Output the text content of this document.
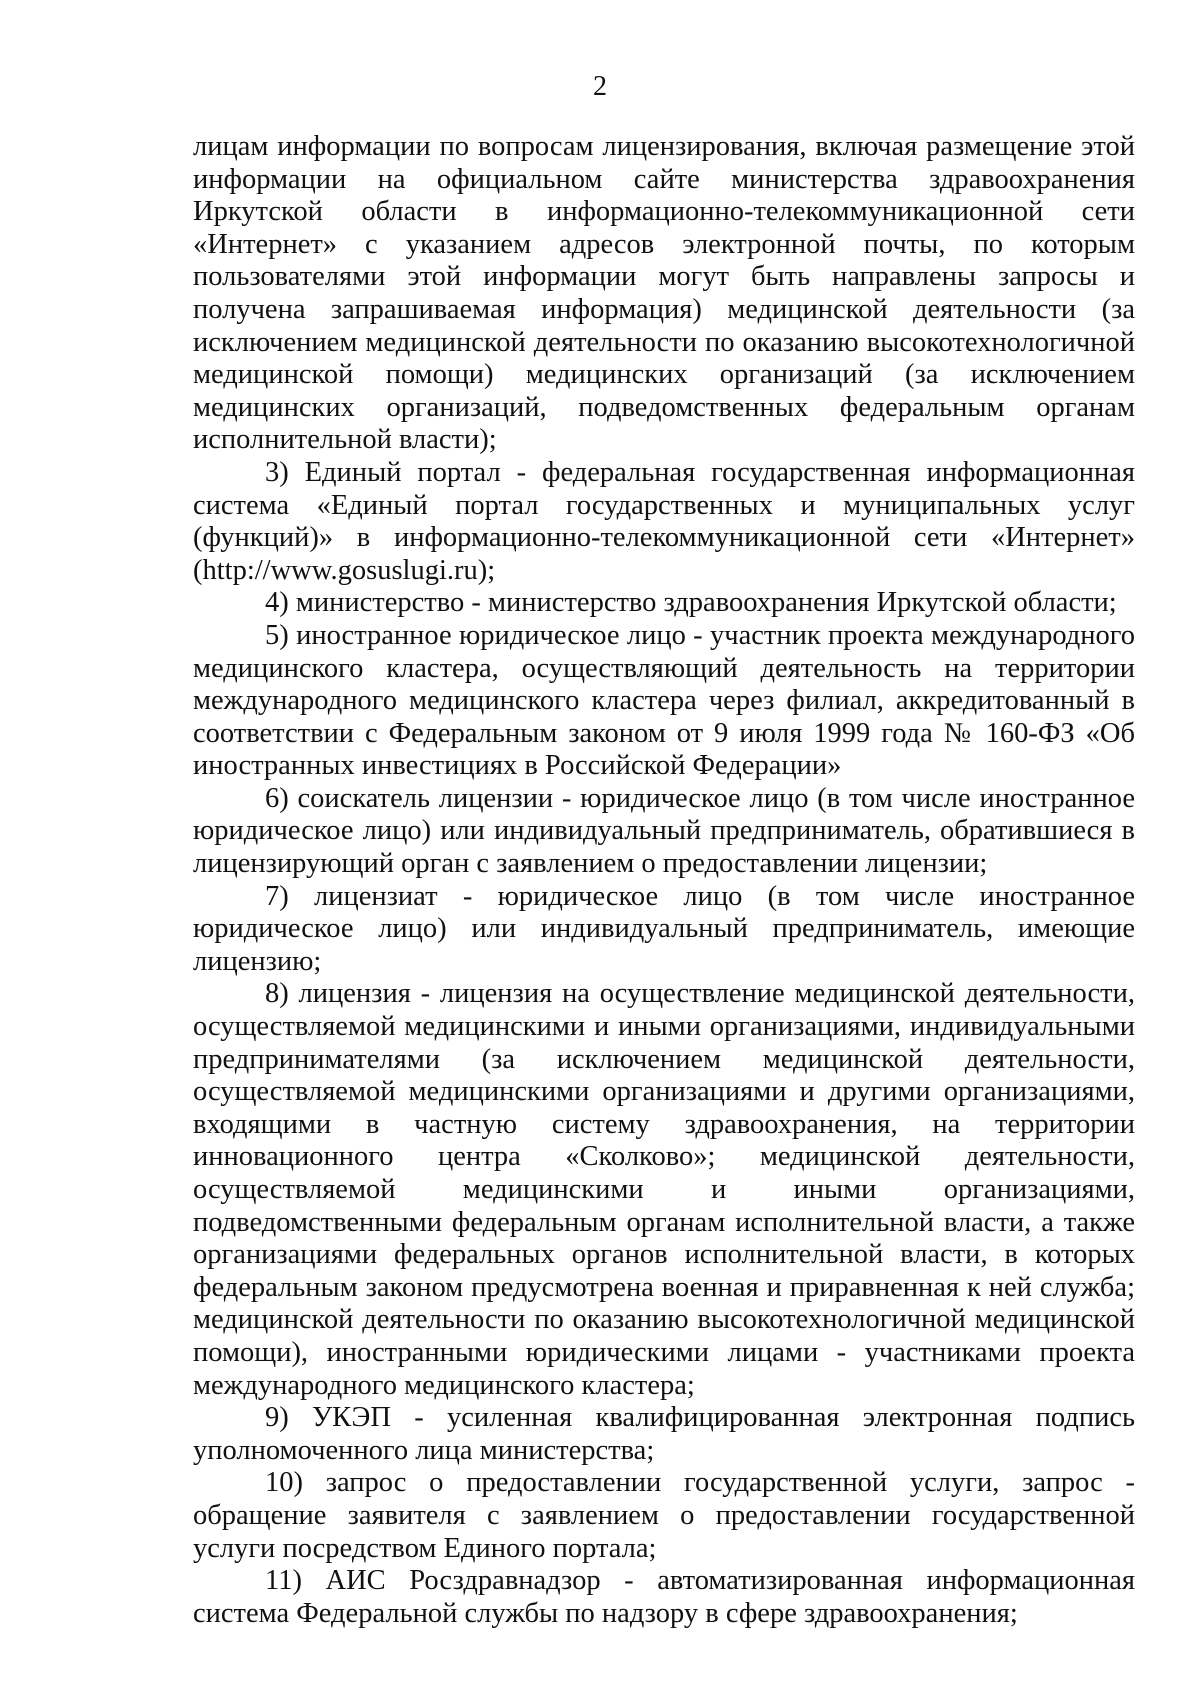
2

лицам информации по вопросам лицензирования, включая размещение этой информации на официальном сайте министерства здравоохранения Иркутской области в информационно-телекоммуникационной сети «Интернет» с указанием адресов электронной почты, по которым пользователями этой информации могут быть направлены запросы и получена запрашиваемая информация) медицинской деятельности (за исключением медицинской деятельности по оказанию высокотехнологичной медицинской помощи) медицинских организаций (за исключением медицинских организаций, подведомственных федеральным органам исполнительной власти);

3) Единый портал - федеральная государственная информационная система «Единый портал государственных и муниципальных услуг (функций)» в информационно-телекоммуникационной сети «Интернет» (http://www.gosuslugi.ru);

4) министерство - министерство здравоохранения Иркутской области;

5) иностранное юридическое лицо - участник проекта международного медицинского кластера, осуществляющий деятельность на территории международного медицинского кластера через филиал, аккредитованный в соответствии с Федеральным законом от 9 июля 1999 года № 160-ФЗ «Об иностранных инвестициях в Российской Федерации»

6) соискатель лицензии - юридическое лицо (в том числе иностранное юридическое лицо) или индивидуальный предприниматель, обратившиеся в лицензирующий орган с заявлением о предоставлении лицензии;

7) лицензиат - юридическое лицо (в том числе иностранное юридическое лицо) или индивидуальный предприниматель, имеющие лицензию;

8) лицензия - лицензия на осуществление медицинской деятельности, осуществляемой медицинскими и иными организациями, индивидуальными предпринимателями (за исключением медицинской деятельности, осуществляемой медицинскими организациями и другими организациями, входящими в частную систему здравоохранения, на территории инновационного центра «Сколково»; медицинской деятельности, осуществляемой медицинскими и иными организациями, подведомственными федеральным органам исполнительной власти, а также организациями федеральных органов исполнительной власти, в которых федеральным законом предусмотрена военная и приравненная к ней служба; медицинской деятельности по оказанию высокотехнологичной медицинской помощи), иностранными юридическими лицами - участниками проекта международного медицинского кластера;

9) УКЭП - усиленная квалифицированная электронная подпись уполномоченного лица министерства;

10) запрос о предоставлении государственной услуги, запрос - обращение заявителя с заявлением о предоставлении государственной услуги посредством Единого портала;

11) АИС Росздравнадзор - автоматизированная информационная система Федеральной службы по надзору в сфере здравоохранения;
